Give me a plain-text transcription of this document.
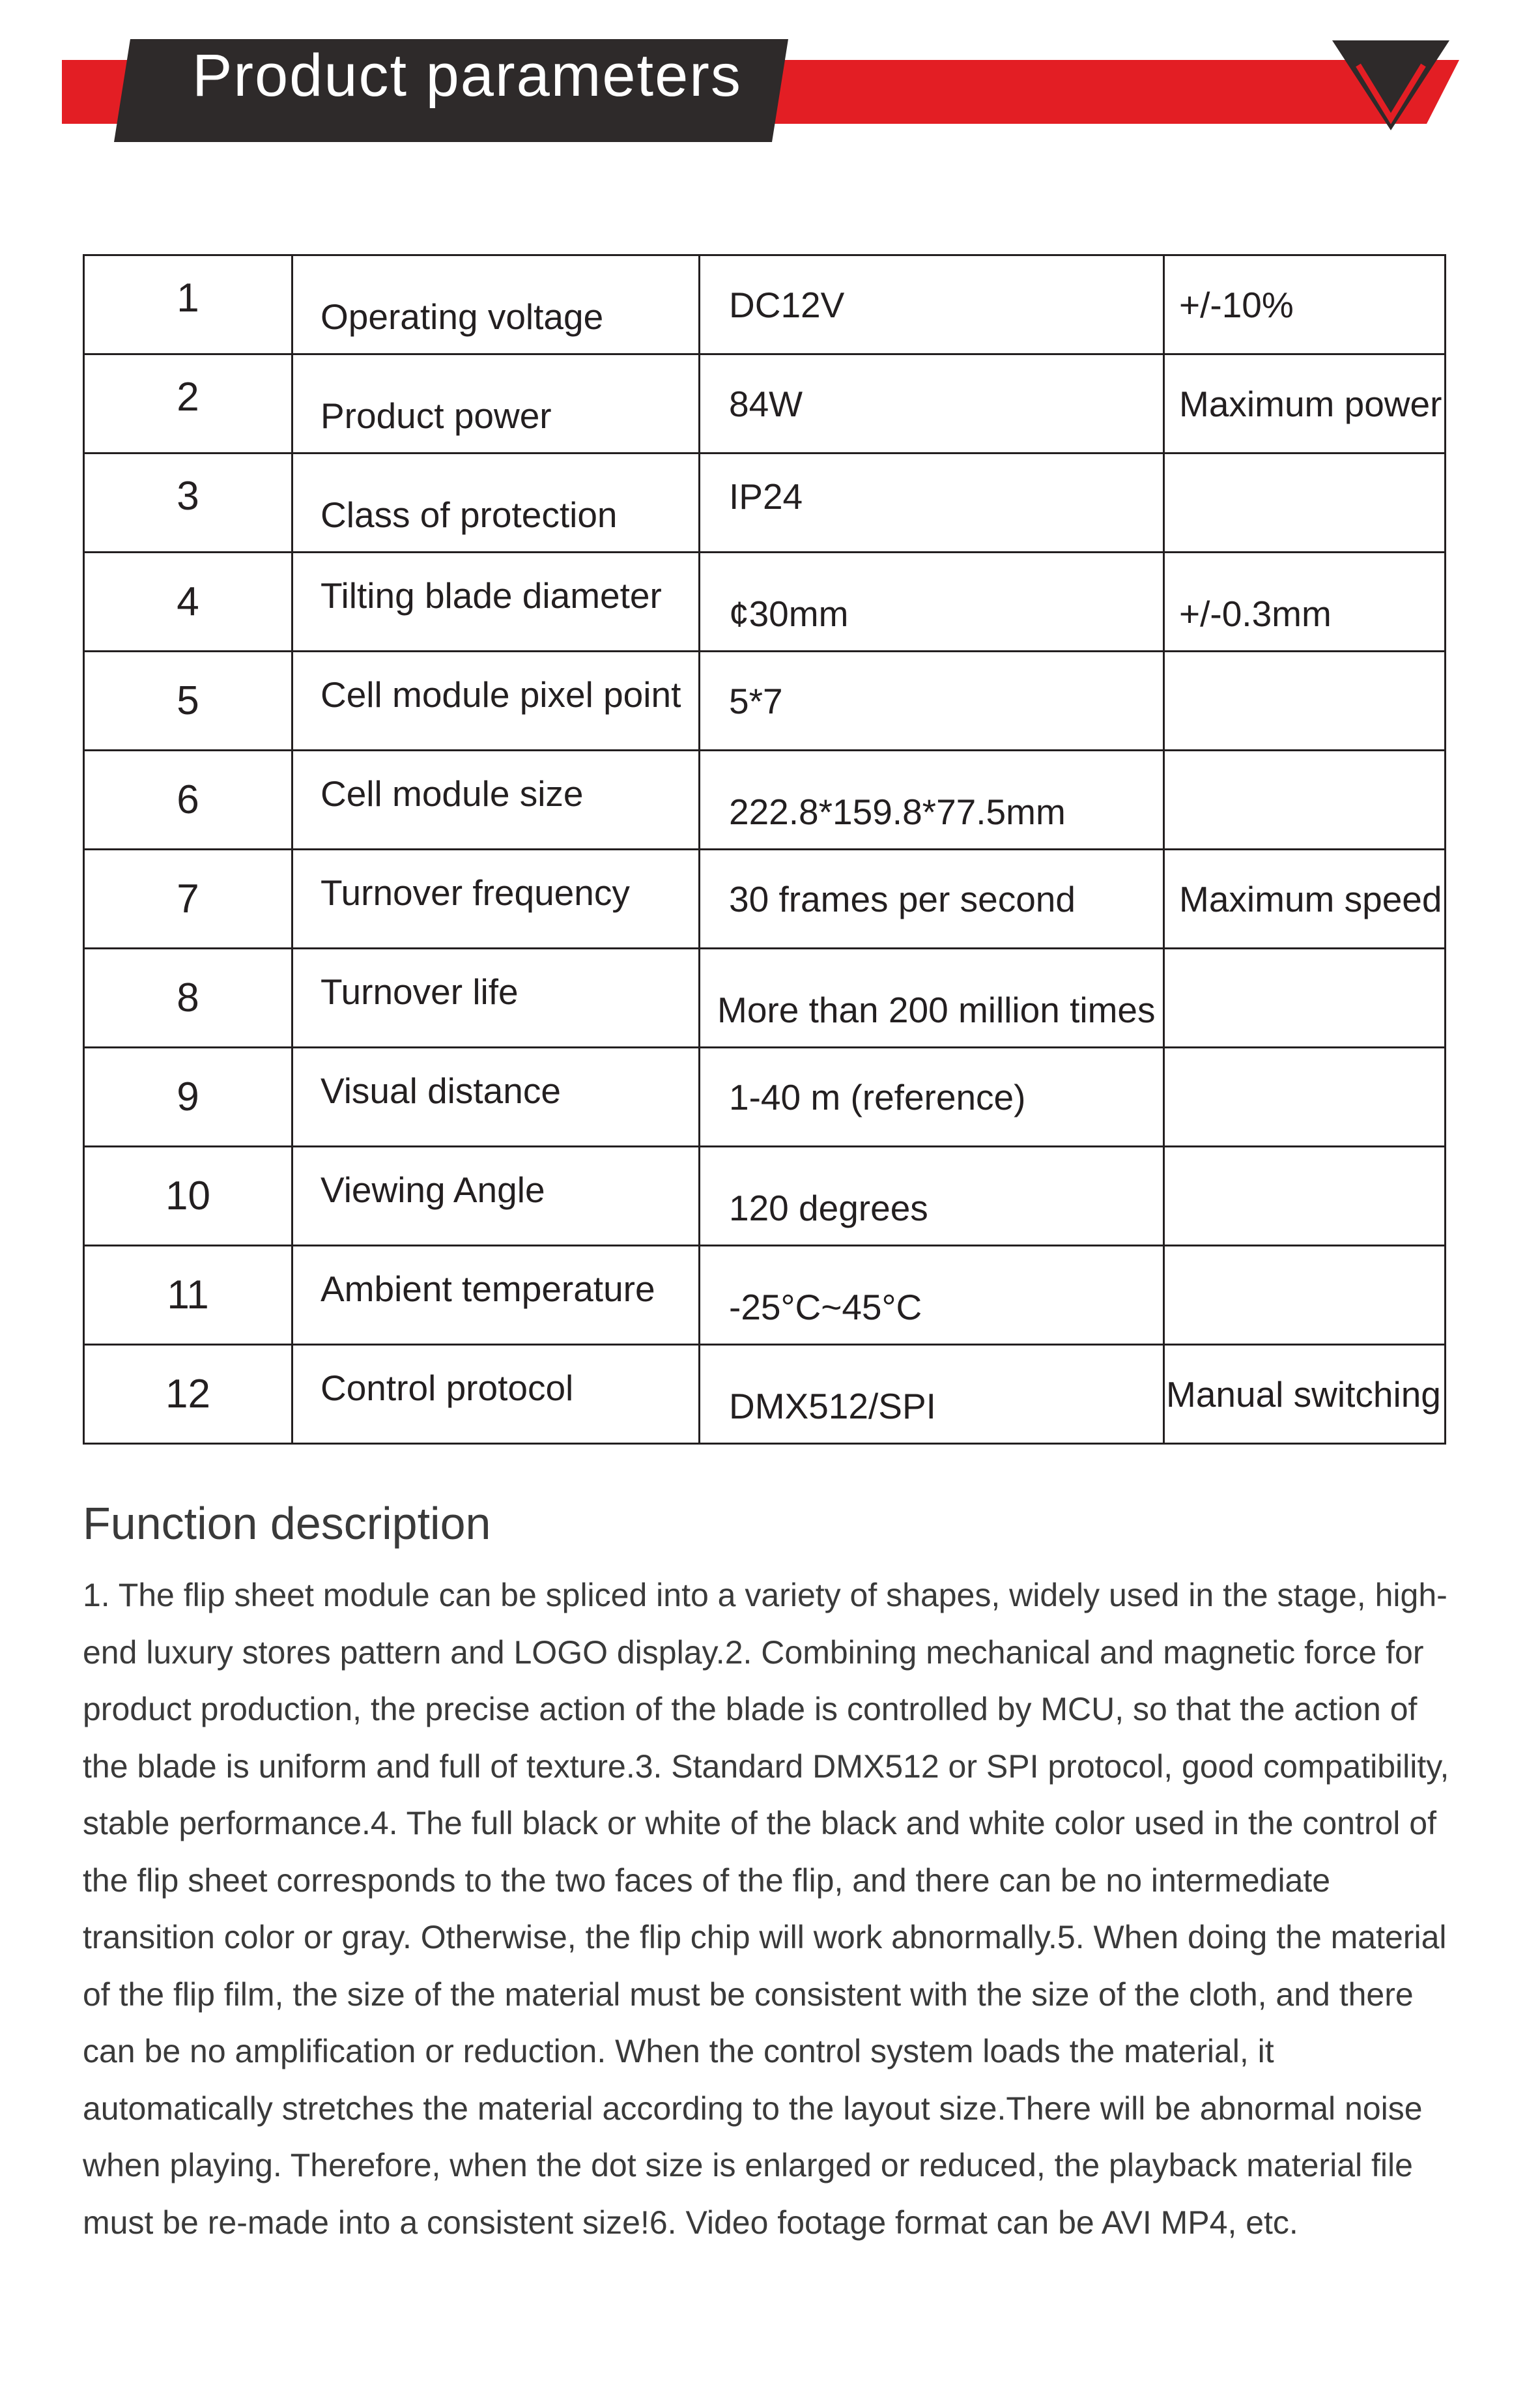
Product parameters
1	Operating voltage	DC12V	+/-10%
2	Product power	84W	Maximum power
3	Class of protection	IP24	
4	Tilting blade diameter	¢30mm	+/-0.3mm
5	Cell module pixel point	5*7	
6	Cell module size	222.8*159.8*77.5mm	
7	Turnover frequency	30 frames per second	Maximum speed
8	Turnover life	More than 200 million times	
9	Visual distance	1-40 m (reference)	
10	Viewing Angle	120 degrees	
11	Ambient temperature	-25°C~45°C	
12	Control protocol	DMX512/SPI	Manual switching
Function description
1. The flip sheet module can be spliced into a variety of shapes, widely used in the stage, high-end luxury stores pattern and LOGO display.2. Combining mechanical and magnetic force for product production, the precise action of the blade is controlled by MCU, so that the action of the blade is uniform and full of texture.3. Standard DMX512 or SPI protocol, good compatibility, stable performance.4. The full black or white of the black and white color used in the control of the flip sheet corresponds to the two faces of the flip, and there can be no intermediate transition color or gray. Otherwise, the flip chip will work abnormally.5. When doing the material of the flip film, the size of the material must be consistent with the size of the cloth, and there can be no amplification or reduction. When the control system loads the material, it automatically stretches the material according to the layout size.There will be abnormal noise when playing. Therefore, when the dot size is enlarged or reduced, the playback material file must be re-made into a consistent size!6. Video footage format can be AVI MP4, etc.
